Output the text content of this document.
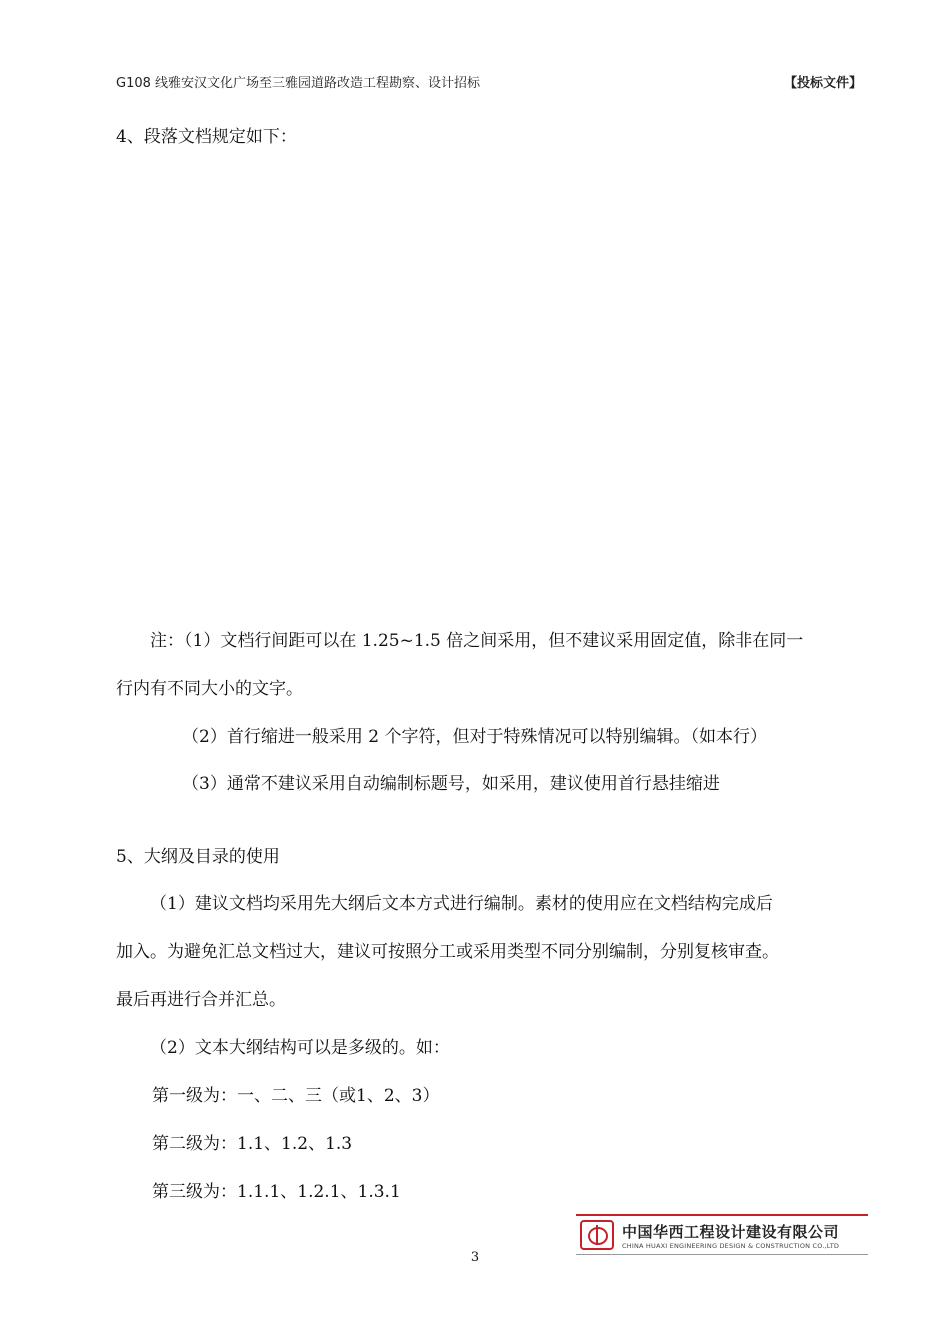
G108 线雅安汉文化广场至三雅园道路改造工程勘察、设计招标	【投标文件】
4、段落文档规定如下：
注：（1）文档行间距可以在 1.25~1.5 倍之间采用，但不建议采用固定值，除非在同一
行内有不同大小的文字。
（2）首行缩进一般采用 2 个字符，但对于特殊情况可以特别编辑。（如本行）
（3）通常不建议采用自动编制标题号，如采用，建议使用首行悬挂缩进
5、大纲及目录的使用
（1）建议文档均采用先大纲后文本方式进行编制。素材的使用应在文档结构完成后
加入。为避免汇总文档过大，建议可按照分工或采用类型不同分别编制，分别复核审查。
最后再进行合并汇总。
（2）文本大纲结构可以是多级的。如：
第一级为：一、二、三（或1、2、3）
第二级为：1.1、1.2、1.3
第三级为：1.1.1、1.2.1、1.3.1
中国华西工程设计建设有限公司
CHINA HUAXI ENGINEERING DESIGN & CONSTRUCTION CO.,LTD
3
